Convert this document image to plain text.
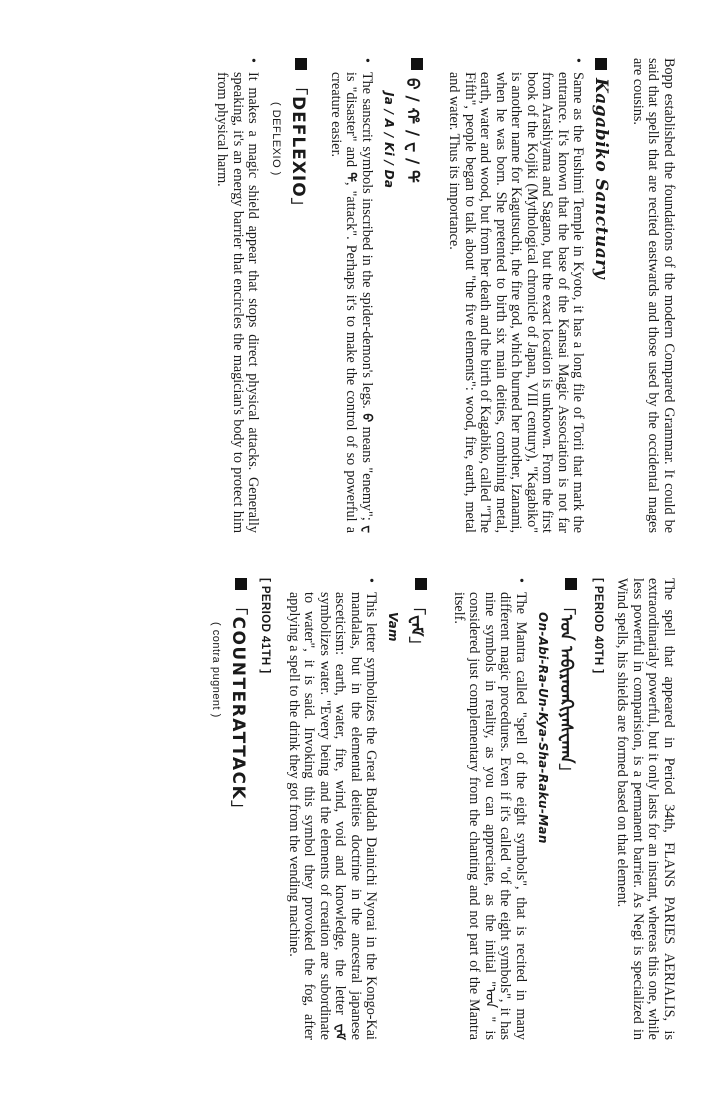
Bopp established the foundations of the modern Compared Grammar. It could be said that spells that are recited eastwards and those used by the occidental mages are cousins.

Kagabiko Sanctuary
•

Same as the Fushimi Temple in Kyoto, it has a long file of Torii that mark the entrance. It's known that the base of the Kansai Magic Association is not far from Arashiyama and Sagano, but the exact location is unknown. From the first book of the Kojiki (Mythological chronicle of Japan, VIII century), "Kagabiko" is another name for Kagutsuchi, the fire god, which burned her mother, Izanami, when he was born. She pretented to birth six main deities, combining metal, earth, water and wood, but from her death and the birth of Kagabiko, called "The Fifth", people began to talk about "the five elements": wood, fire, earth, metal and water. Thus its importance.

ᠪ / ᡥ / ᠸ / ᡩ
Ja / A / Ki / Da
•

The sanscrit symbols inscribed in the spider-demon's legs. ᠪ means "enemy"; ᠸ is "disaster" and ᡩ, "attack". Perhaps it's to make the control of so powerful a creature easier.

「DEFLEXIO」
( DEFLEXIO )
•

It makes a magic shield appear that stops direct physical attacks. Generally speaking, it's an energy barrier that encircles the magician's body to protect him from physical harm.

The spell that appeared in Period 34th, FLANS PARIES AERIALIS, is extraordinarialy powerful, but it only lasts for an instant, whereas this one, while less powerful in comparision, is a permanent barrier. As Negi is specialized in Wind spells, his shields are formed based on that element.

[ PERIOD 40TH ]
「ᠣᠨ ᠠᠪᠢᠷᠠᠣᠨᠺᠢᠶᠠᠰᠸᠠᠬᠠ」
On-Abi-Ra-Un-Kya-Sha-Raku-Man
•

The Mantra called "spell of the eight symbols", that is recited in many different magic procedures. Even if it's called "of the eight symbols", it has nine symbols in reality, as you can appreciate, as the initial "ᠣᠨ " is considered just complementary from the chanting and not part of the Mantra itself.

「ᠸᠠᠮ」
Vam
•

This letter symbolizes the Great Buddah Dainichi Nyorai in the Kongo-Kai mandalas, but in the elemental deities doctrine in the ancestral japanese asceticism: earth, water, fire, wind, void and knowledge, the letter ᠸᠠᠮ symbolizes water. "Every being and the elements of creation are subordinate to water", it is said. Invoking this symbol they provoked the fog, after applying a spell to the drink they got from the vending machine.

[ PERIOD 41TH ]
「COUNTERATTACK」
( contra pugnent )
